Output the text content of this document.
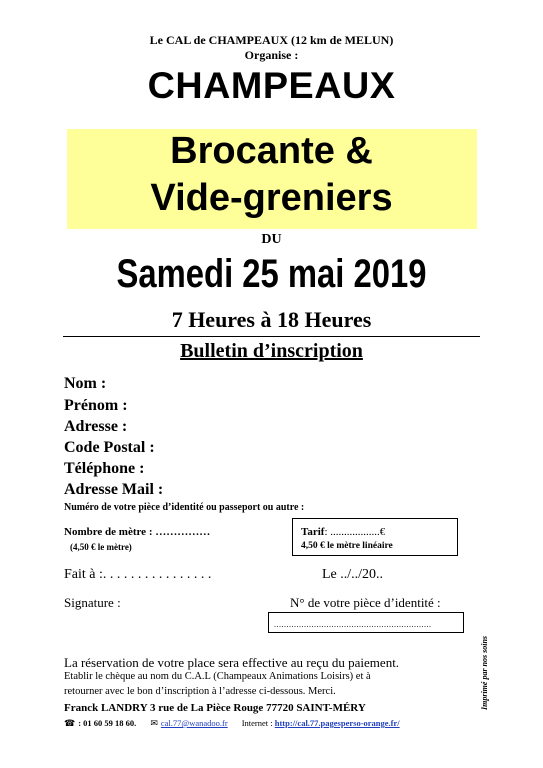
Le CAL de CHAMPEAUX (12 km de MELUN)
Organise :
CHAMPEAUX
Brocante &
Vide-greniers
DU
Samedi 25 mai 2019
7 Heures à 18 Heures
Bulletin d’inscription
Nom :
Prénom :
Adresse :
Code Postal :
Téléphone :
Adresse Mail :
Numéro de votre pièce d’identité ou passeport ou autre :
Nombre de mètre : ……………
(4,50 € le mètre)
Tarif: ..................€
4,50 € le mètre linéaire
Fait à :. . . . . . . . . . . . . . . .	Le ../../20..
Signature :	N° de votre pièce d’identité :
...............................................................
Imprimé par nos soins
La réservation de votre place sera effective au reçu du paiement.
Etablir le chèque au nom du C.A.L (Champeaux Animations Loisirs) et à
retourner avec le bon d’inscription à l’adresse ci-dessous. Merci.
Franck LANDRY 3 rue de La Pièce Rouge 77720 SAINT-MÉRY
☎ : 01 60 59 18 60. ✉ cal.77@wanadoo.fr Internet : http://cal.77.pagesperso-orange.fr/
